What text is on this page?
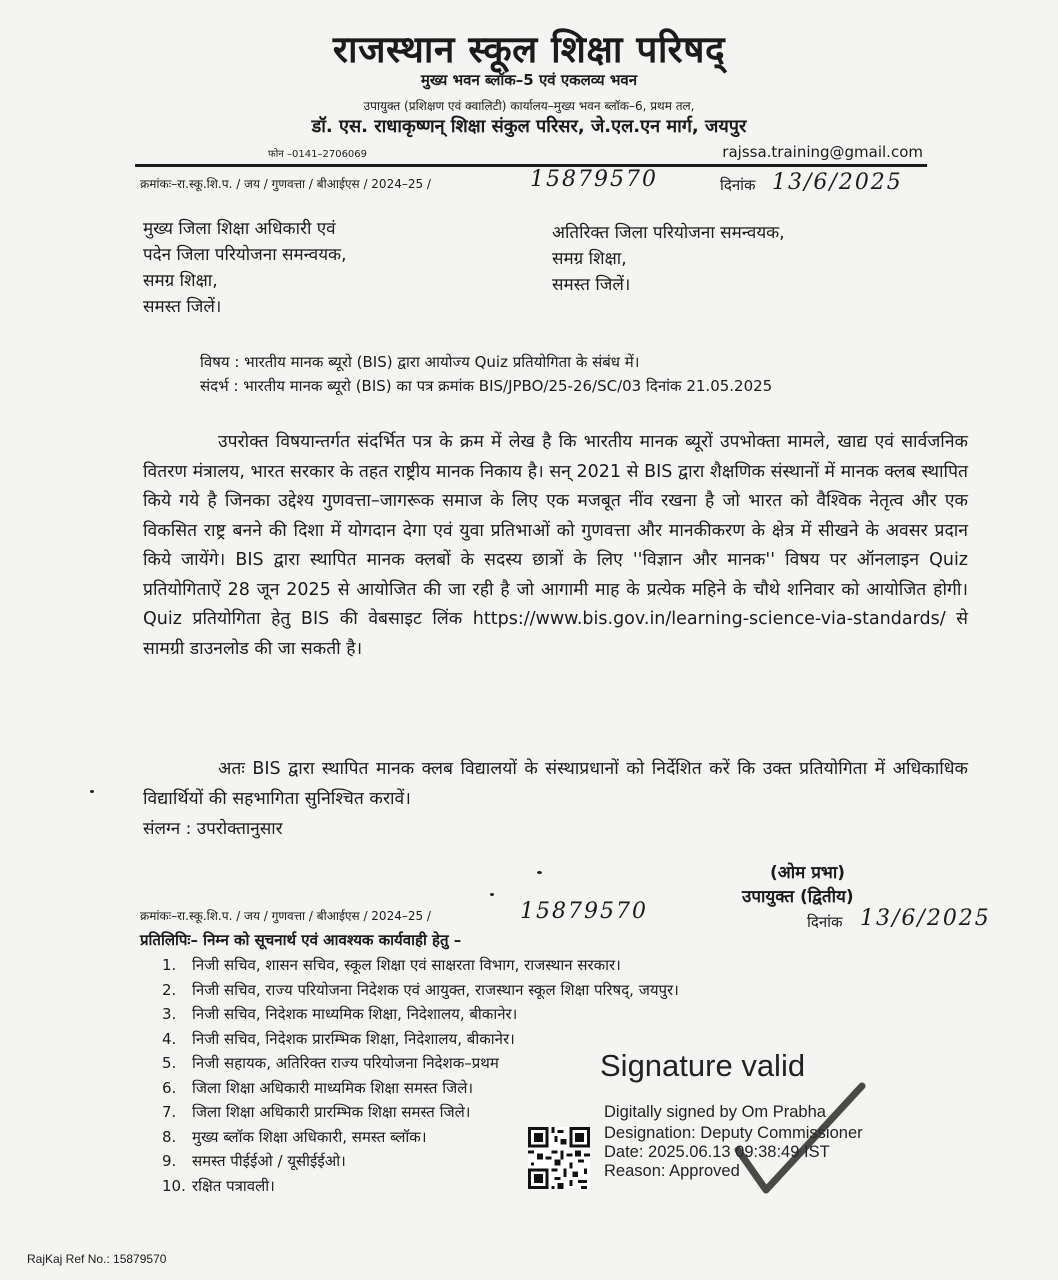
राजस्थान स्कूल शिक्षा परिषद्
मुख्य भवन ब्लॉक–5 एवं एकलव्य भवन
उपायुक्त (प्रशिक्षण एवं क्वालिटी) कार्यालय–मुख्य भवन ब्लॉक–6, प्रथम तल,
डॉ. एस. राधाकृष्णन् शिक्षा संकुल परिसर, जे.एल.एन मार्ग, जयपुर
फोन –0141–2706069	rajssa.training@gmail.com
क्रमांकः–रा.स्कू.शि.प. / जय / गुणवत्ता / बीआईएस / 2024–25 /	15879570	दिनांक 13/6/2025
मुख्य जिला शिक्षा अधिकारी एवं
पदेन जिला परियोजना समन्वयक,
समग्र शिक्षा,
समस्त जिलें।
अतिरिक्त जिला परियोजना समन्वयक,
समग्र शिक्षा,
समस्त जिलें।
विषय : भारतीय मानक ब्यूरो (BIS) द्वारा आयोज्य Quiz प्रतियोगिता के संबंध में।
संदर्भ : भारतीय मानक ब्यूरो (BIS) का पत्र क्रमांक BIS/JPBO/25-26/SC/03 दिनांक 21.05.2025
उपरोक्त विषयान्तर्गत संदर्भित पत्र के क्रम में लेख है कि भारतीय मानक ब्यूरों उपभोक्ता मामले, खाद्य एवं सार्वजनिक वितरण मंत्रालय, भारत सरकार के तहत राष्ट्रीय मानक निकाय है। सन् 2021 से BIS द्वारा शैक्षणिक संस्थानों में मानक क्लब स्थापित किये गये है जिनका उद्देश्य गुणवत्ता–जागरूक समाज के लिए एक मजबूत नींव रखना है जो भारत को वैश्विक नेतृत्व और एक विकसित राष्ट्र बनने की दिशा में योगदान देगा एवं युवा प्रतिभाओं को गुणवत्ता और मानकीकरण के क्षेत्र में सीखने के अवसर प्रदान किये जायेंगे। BIS द्वारा स्थापित मानक क्लबों के सदस्य छात्रों के लिए ''विज्ञान और मानक'' विषय पर ऑनलाइन Quiz प्रतियोगिताऐं 28 जून 2025 से आयोजित की जा रही है जो आगामी माह के प्रत्येक महिने के चौथे शनिवार को आयोजित होगी। Quiz प्रतियोगिता हेतु BIS की वेबसाइट लिंक https://www.bis.gov.in/learning-science-via-standards/ से सामग्री डाउनलोड की जा सकती है।
अतः BIS द्वारा स्थापित मानक क्लब विद्यालयों के संस्थाप्रधानों को निर्देशित करें कि उक्त प्रतियोगिता में अधिकाधिक विद्यार्थियों की सहभागिता सुनिश्चित करावें।
संलग्न : उपरोक्तानुसार
(ओम प्रभा)
उपायुक्त (द्वितीय)
क्रमांकः–रा.स्कू.शि.प. / जय / गुणवत्ता / बीआईएस / 2024–25 /	15879570	दिनांक 13/6/2025
प्रतिलिपिः– निम्न को सूचनार्थ एवं आवश्यक कार्यवाही हेतु –
1. निजी सचिव, शासन सचिव, स्कूल शिक्षा एवं साक्षरता विभाग, राजस्थान सरकार।
2. निजी सचिव, राज्य परियोजना निदेशक एवं आयुक्त, राजस्थान स्कूल शिक्षा परिषद्, जयपुर।
3. निजी सचिव, निदेशक माध्यमिक शिक्षा, निदेशालय, बीकानेर।
4. निजी सचिव, निदेशक प्रारम्भिक शिक्षा, निदेशालय, बीकानेर।
5. निजी सहायक, अतिरिक्त राज्य परियोजना निदेशक–प्रथम
6. जिला शिक्षा अधिकारी माध्यमिक शिक्षा समस्त जिले।
7. जिला शिक्षा अधिकारी प्रारम्भिक शिक्षा समस्त जिले।
8. मुख्य ब्लॉक शिक्षा अधिकारी, समस्त ब्लॉक।
9. समस्त पीईईओ / यूसीईईओ।
10. रक्षित पत्रावली।
Signature valid
Digitally signed by Om Prabha
Designation: Deputy Commissioner
Date: 2025.06.13 09:38:49 IST
Reason: Approved
RajKaj Ref No.: 15879570
